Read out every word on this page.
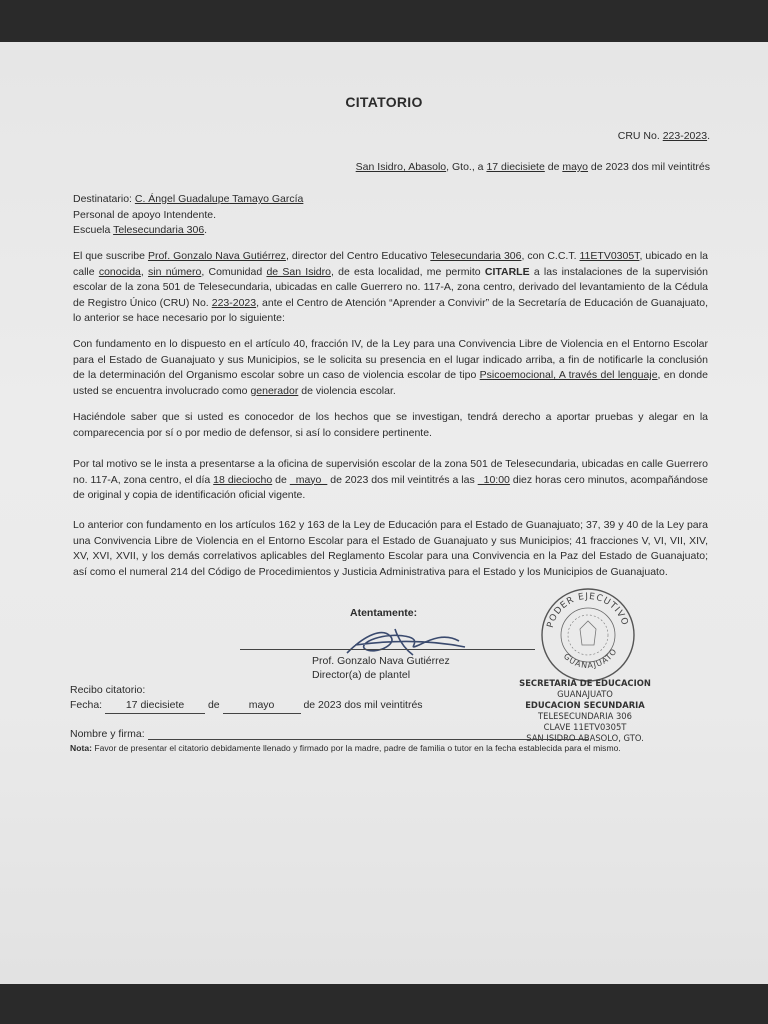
CITATORIO
CRU No. 223-2023.
San Isidro, Abasolo, Gto., a 17 diecisiete de mayo de 2023 dos mil veintitrés
Destinatario: C. Ángel Guadalupe Tamayo García
Personal de apoyo Intendente.
Escuela Telesecundaria 306.
El que suscribe Prof. Gonzalo Nava Gutiérrez, director del Centro Educativo Telesecundaria 306, con C.C.T. 11ETV0305T, ubicado en la calle conocida, sin número, Comunidad de San Isidro, de esta localidad, me permito CITARLE a las instalaciones de la supervisión escolar de la zona 501 de Telesecundaria, ubicadas en calle Guerrero no. 117-A, zona centro, derivado del levantamiento de la Cédula de Registro Único (CRU) No. 223-2023, ante el Centro de Atención “Aprender a Convivir” de la Secretaría de Educación de Guanajuato, lo anterior se hace necesario por lo siguiente:
Con fundamento en lo dispuesto en el artículo 40, fracción IV, de la Ley para una Convivencia Libre de Violencia en el Entorno Escolar para el Estado de Guanajuato y sus Municipios, se le solicita su presencia en el lugar indicado arriba, a fin de notificarle la conclusión de la determinación del Organismo escolar sobre un caso de violencia escolar de tipo Psicoemocional, A través del lenguaje, en donde usted se encuentra involucrado como generador de violencia escolar.
Haciéndole saber que si usted es conocedor de los hechos que se investigan, tendrá derecho a aportar pruebas y alegar en la comparecencia por sí o por medio de defensor, si así lo considere pertinente.
Por tal motivo se le insta a presentarse a la oficina de supervisión escolar de la zona 501 de Telesecundaria, ubicadas en calle Guerrero no. 117-A, zona centro, el día 18 dieciocho de   mayo   de 2023 dos mil veintitrés a las   10:00 diez horas cero minutos, acompañándose de original y copia de identificación oficial vigente.
Lo anterior con fundamento en los artículos 162 y 163 de la Ley de Educación para el Estado de Guanajuato; 37, 39 y 40 de la Ley para una Convivencia Libre de Violencia en el Entorno Escolar para el Estado de Guanajuato y sus Municipios; 41 fracciones V, VI, VII, XIV, XV, XVI, XVII, y los demás correlativos aplicables del Reglamento Escolar para una Convivencia en la Paz del Estado de Guanajuato; así como el numeral 214 del Código de Procedimientos y Justicia Administrativa para el Estado y los Municipios de Guanajuato.
Atentamente:
Prof. Gonzalo Nava Gutiérrez
Director(a) de plantel
PODER EJECUTIVO
GUANAJUATO
SECRETARIA DE EDUCACION
GUANAJUATO
EDUCACION SECUNDARIA
TELESECUNDARIA 306
CLAVE 11ETV0305T
SAN ISIDRO ABASOLO, GTO.
Recibo citatorio:
Fecha: 17 diecisiete de mayo de 2023 dos mil veintitrés
Nombre y firma:
Nota: Favor de presentar el citatorio debidamente llenado y firmado por la madre, padre de familia o tutor en la fecha establecida para el mismo.
